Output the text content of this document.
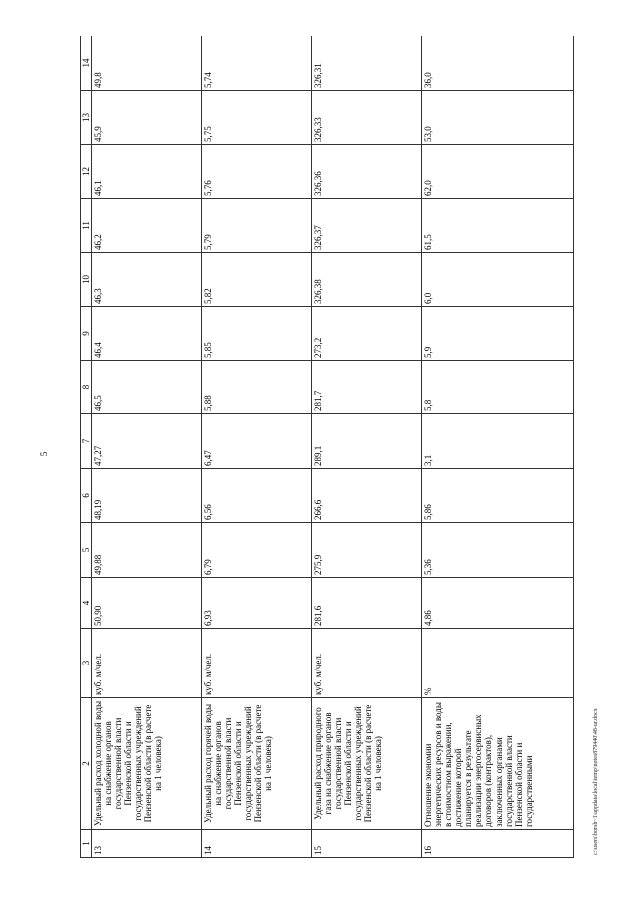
5
1	2	3	4	5	6	7	8	9	10	11	12	13	14
13	Удельный расход холодной воды на снабжение органов государственной власти Пензенской области и государственных учреждений Пензенской области (в расчете на 1 человека)	куб. м/чел.	50,90	49,88	48,19	47,27	46,5	46,4	46,3	46,2	46,1	45,9	49,8
14	Удельный расход горячей воды на снабжение органов государственной власти Пензенской области и государственных учреждений Пензенской области (в расчете на 1 человека)	куб. м/чел.	6,93	6,79	6,56	6,47	5,88	5,85	5,82	5,79	5,76	5,75	5,74
15	Удельный расход природного газа на снабжение органов государственной власти Пензенской области и государственных учреждений Пензенской области (в расчете на 1 человека)	куб. м/чел.	281,6	275,9	266,6	289,1	281,7	273,2	326,38	326,37	326,36	326,33	326,31
16	Отношение экономии энергетических ресурсов и воды в стоимостном выражении, достижение которой планируется в результате реализации энергосервисных договоров (контрактов), заключенных органами государственной власти Пензенской области и государственными	%	4,86	5,36	5,86	3,1	5,8	5,9	6,0	61,5	62,0	53,0	36,0
c:\users\borsh~1\appdata\local\temp\notes879440\48-ur.docx
